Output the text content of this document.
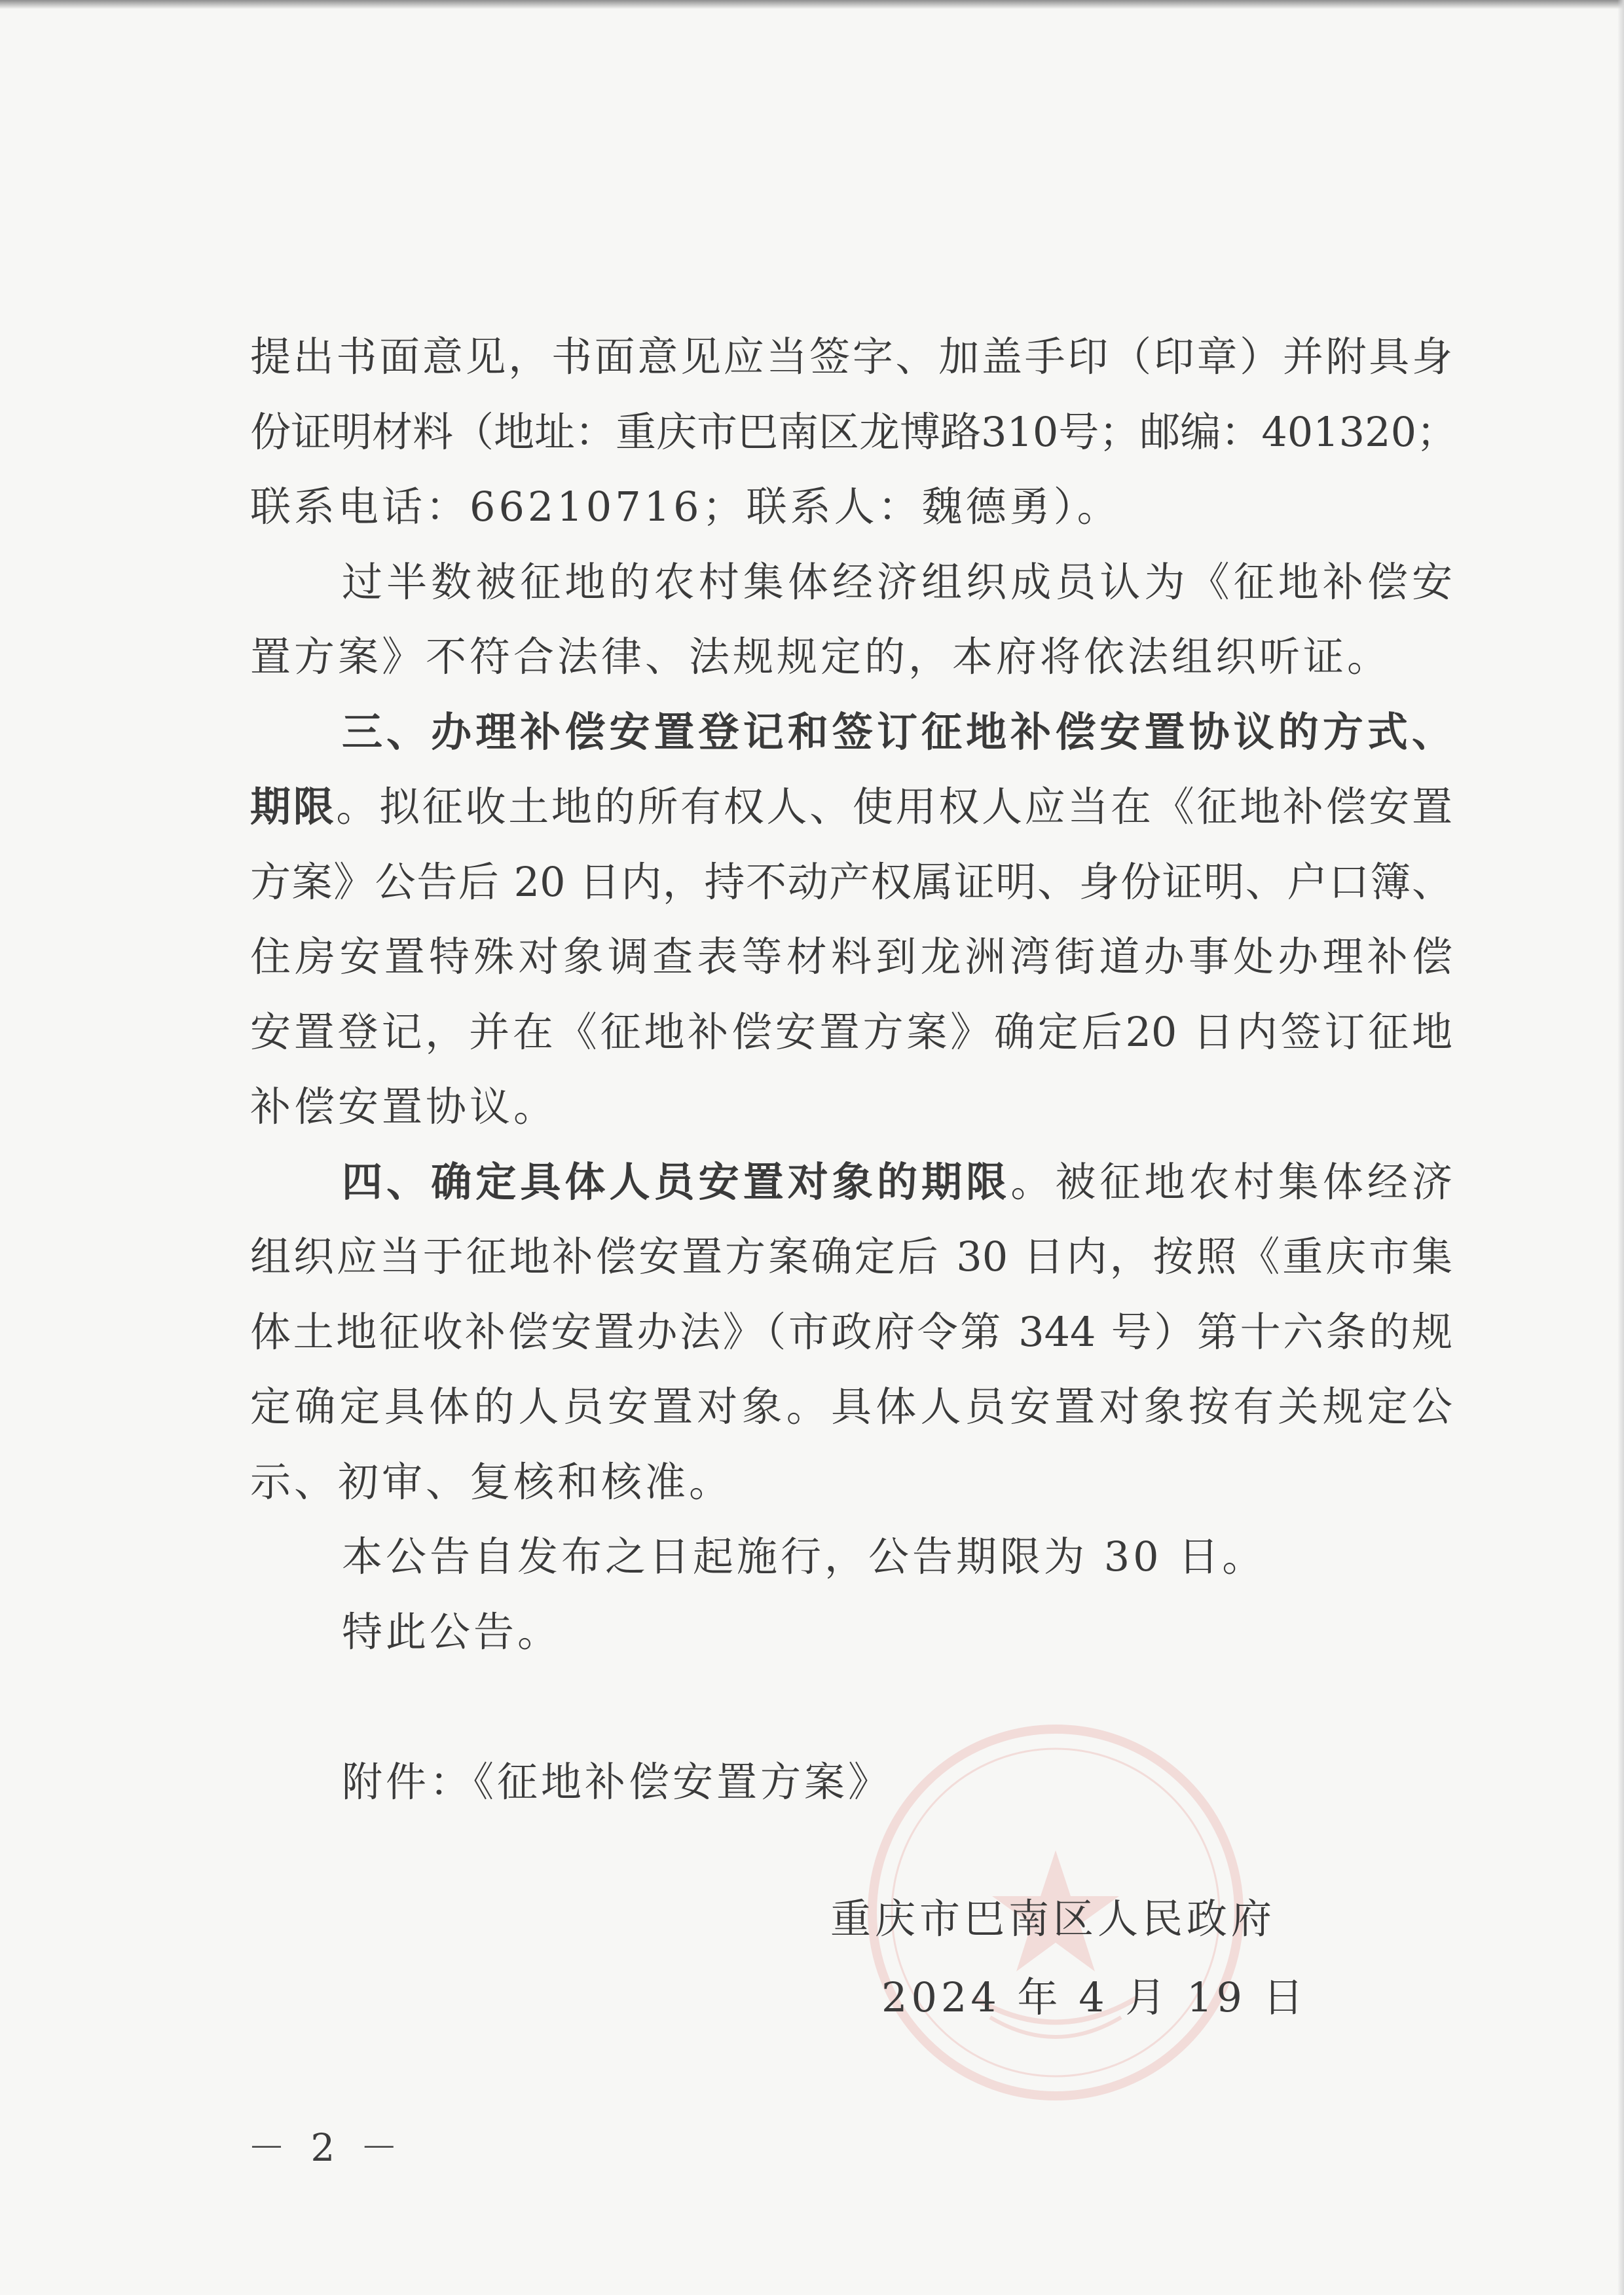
提出书面意见，书面意见应当签字、加盖手印（印章）并附具身
份证明材料（地址：重庆市巴南区龙博路310号；邮编：401320；
联系电话：66210716；联系人：魏德勇）。
过半数被征地的农村集体经济组织成员认为《征地补偿安
置方案》不符合法律、法规规定的，本府将依法组织听证。
三、办理补偿安置登记和签订征地补偿安置协议的方式、
期限。拟征收土地的所有权人、使用权人应当在《征地补偿安置
方案》公告后 20 日内，持不动产权属证明、身份证明、户口簿、
住房安置特殊对象调查表等材料到龙洲湾街道办事处办理补偿
安置登记，并在《征地补偿安置方案》确定后20 日内签订征地
补偿安置协议。
四、确定具体人员安置对象的期限。被征地农村集体经济
组织应当于征地补偿安置方案确定后 30 日内，按照《重庆市集
体土地征收补偿安置办法》（市政府令第 344 号）第十六条的规
定确定具体的人员安置对象。具体人员安置对象按有关规定公
示、初审、复核和核准。
本公告自发布之日起施行，公告期限为 30 日。
特此公告。
附件：《征地补偿安置方案》
重庆市巴南区人民政府
2024 年 4 月 19 日
－ 2 －
